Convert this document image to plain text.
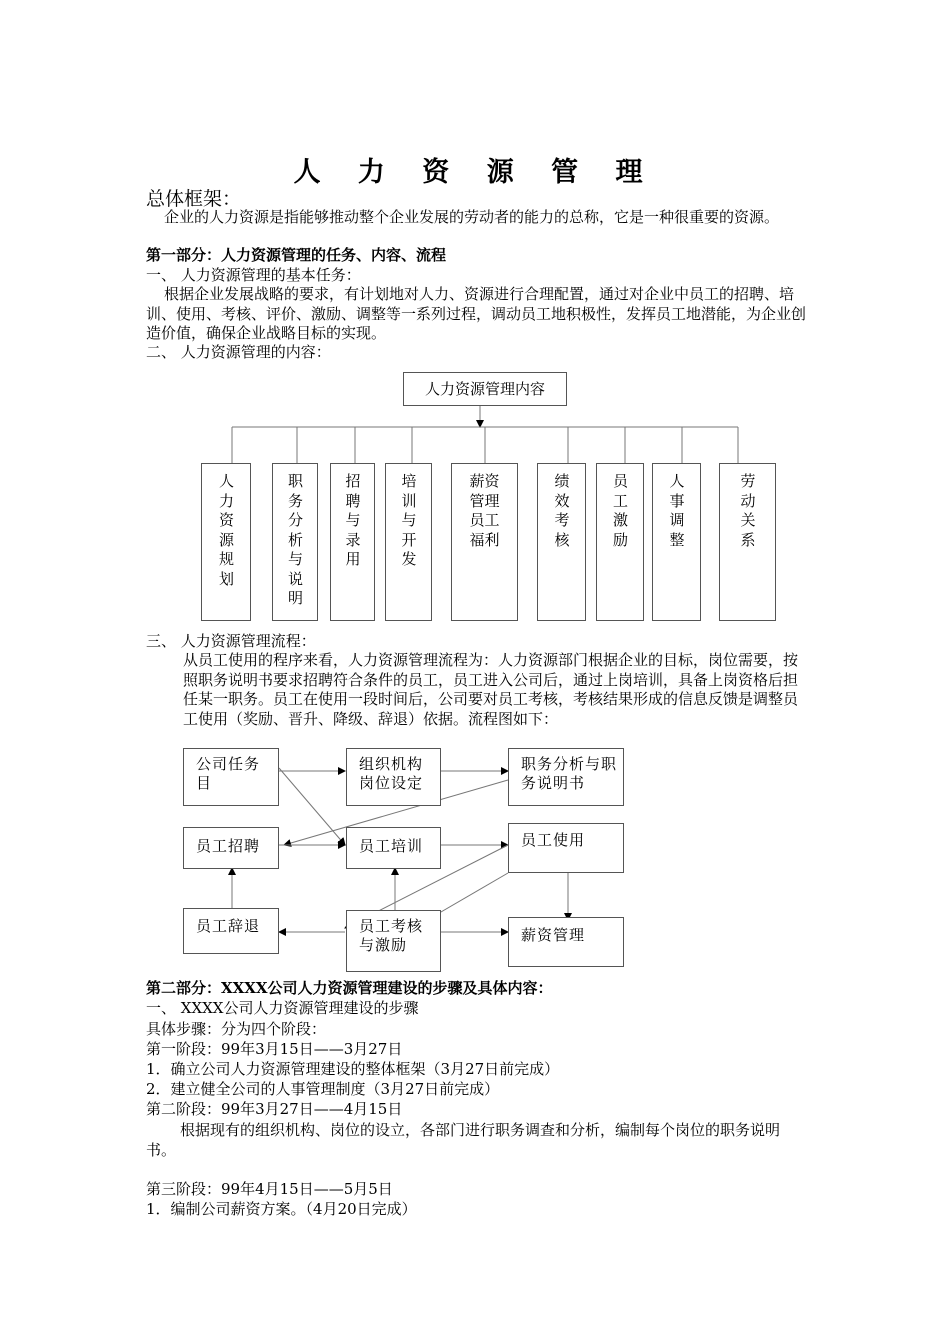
人 力 资 源 管 理
总体框架：
企业的人力资源是指能够推动整个企业发展的劳动者的能力的总称，它是一种很重要的资源。
第一部分：人力资源管理的任务、内容、流程
一、 人力资源管理的基本任务：
根据企业发展战略的要求，有计划地对人力、资源进行合理配置，通过对企业中员工的招聘、培训、使用、考核、评价、激励、调整等一系列过程，调动员工地积极性，发挥员工地潜能，为企业创造价值，确保企业战略目标的实现。
二、 人力资源管理的内容：
人力资源管理内容
人力资源规划
职务分析与说明
招聘与录用
培训与开发
薪资管理员工福利
绩效考核
员工激励
人事调整
劳动关系
三、 人力资源管理流程：
从员工使用的程序来看，人力资源管理流程为：人力资源部门根据企业的目标，岗位需要，按照职务说明书要求招聘符合条件的员工，员工进入公司后，通过上岗培训，具备上岗资格后担任某一职务。员工在使用一段时间后，公司要对员工考核，考核结果形成的信息反馈是调整员工使用（奖励、晋升、降级、辞退）依据。流程图如下：
公司任务目
组织机构岗位设定
职务分析与职务说明书
员工招聘	员工培训	员工使用
员工辞退	员工考核与激励
薪资管理
第二部分：XXXX公司人力资源管理建设的步骤及具体内容：
一、 XXXX公司人力资源管理建设的步骤
具体步骤：分为四个阶段：
第一阶段：99年3月15日——3月27日
1．确立公司人力资源管理建设的整体框架（3月27日前完成）
2．建立健全公司的人事管理制度（3月27日前完成）
第二阶段：99年3月27日——4月15日
根据现有的组织机构、岗位的设立，各部门进行职务调查和分析，编制每个岗位的职务说明书。
第三阶段：99年4月15日——5月5日
1．编制公司薪资方案。（4月20日完成）
